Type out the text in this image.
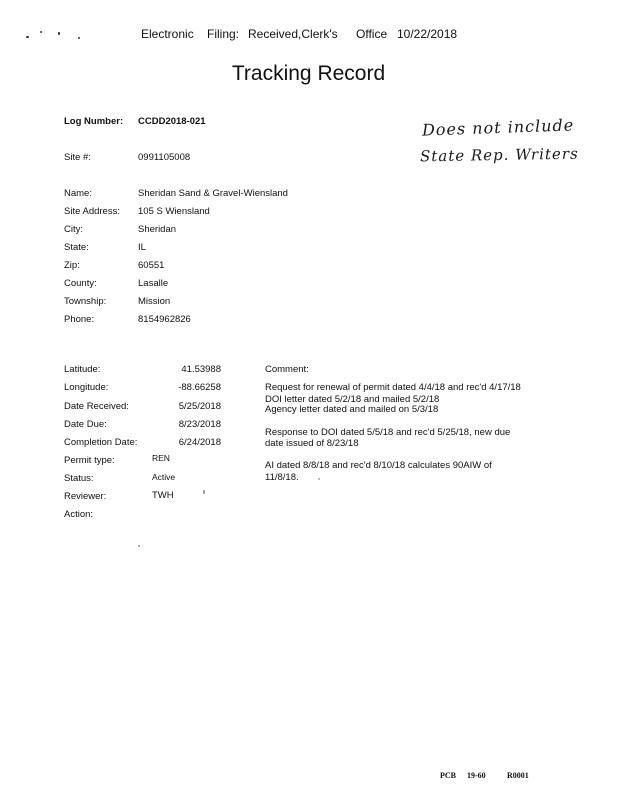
Electronic Filing: Received,Clerk's Office 10/22/2018
Tracking Record
Does not include
State Rep. Writers
Log Number: CCDD2018-021
Site #:	0991105008
Name:	Sheridan Sand & Gravel-Wiensland
Site Address: 105 S Wiensland
City:	Sheridan
State:	IL
Zip:	60551
County:	Lasalle
Township:	Mission
Phone:	8154962826
Latitude:	41.53988
Longitude:	-88.66258
Date Received:	5/25/2018
Date Due:	8/23/2018
Completion Date:	6/24/2018
Permit type:	REN
Status:	Active
Reviewer:	TWH
Action:
Comment:
Request for renewal of permit dated 4/4/18 and rec'd 4/17/18
DOI letter dated 5/2/18 and mailed 5/2/18
Agency letter dated and mailed on 5/3/18
Response to DOI dated 5/5/18 and rec'd 5/25/18, new due
date issued of 8/23/18
AI dated 8/8/18 and rec'd 8/10/18 calculates 90AIW of
11/8/18.
PCB 19-60	R0001
